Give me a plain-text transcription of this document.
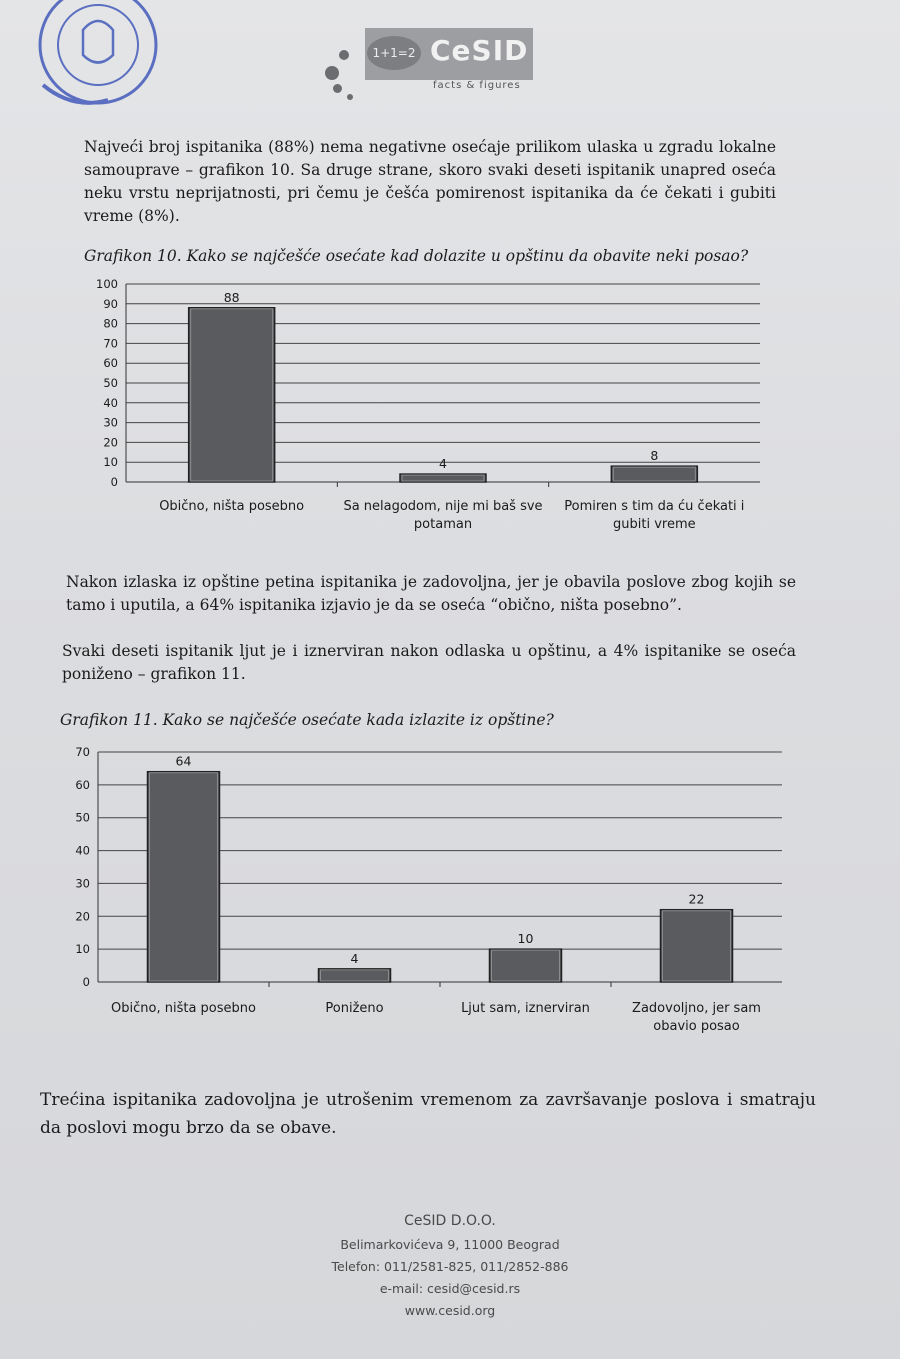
1+1=2 CeSID
facts & figures
Najveći broj ispitanika (88%) nema negativne osećaje prilikom ulaska u zgradu lokalne samouprave – grafikon 10. Sa druge strane, skoro svaki deseti ispitanik unapred oseća neku vrstu neprijatnosti, pri čemu je češća pomirenost ispitanika da će čekati i gubiti vreme (8%).
Grafikon 10. Kako se najčešće osećate kad dolazite u opštinu da obavite neki posao?
0
10
20
30
40
50
60
70
80
90
100
88
Obično, ništa posebno
4
Sa nelagodom, nije mi baš sve
potaman
8
Pomiren s tim da ću čekati i
gubiti vreme
Nakon izlaska iz opštine petina ispitanika je zadovoljna, jer je obavila poslove zbog kojih se tamo i uputila, a 64% ispitanika izjavio je da se oseća “obično, ništa posebno”.
Svaki deseti ispitanik ljut je i iznerviran nakon odlaska u opštinu, a 4% ispitanike se oseća poniženo – grafikon 11.
Grafikon 11. Kako se najčešće osećate kada izlazite iz opštine?
0
10
20
30
40
50
60
70
64
Obično, ništa posebno
4
Poniženo
10
Ljut sam, iznerviran
22
Zadovoljno, jer sam
obavio posao
Trećina ispitanika zadovoljna je utrošenim vremenom za završavanje poslova i smatraju da poslovi mogu brzo da se obave.
CeSID D.O.O.
Belimarkovićeva 9, 11000 Beograd
Telefon: 011/2581-825, 011/2852-886
e-mail: cesid@cesid.rs
www.cesid.org
